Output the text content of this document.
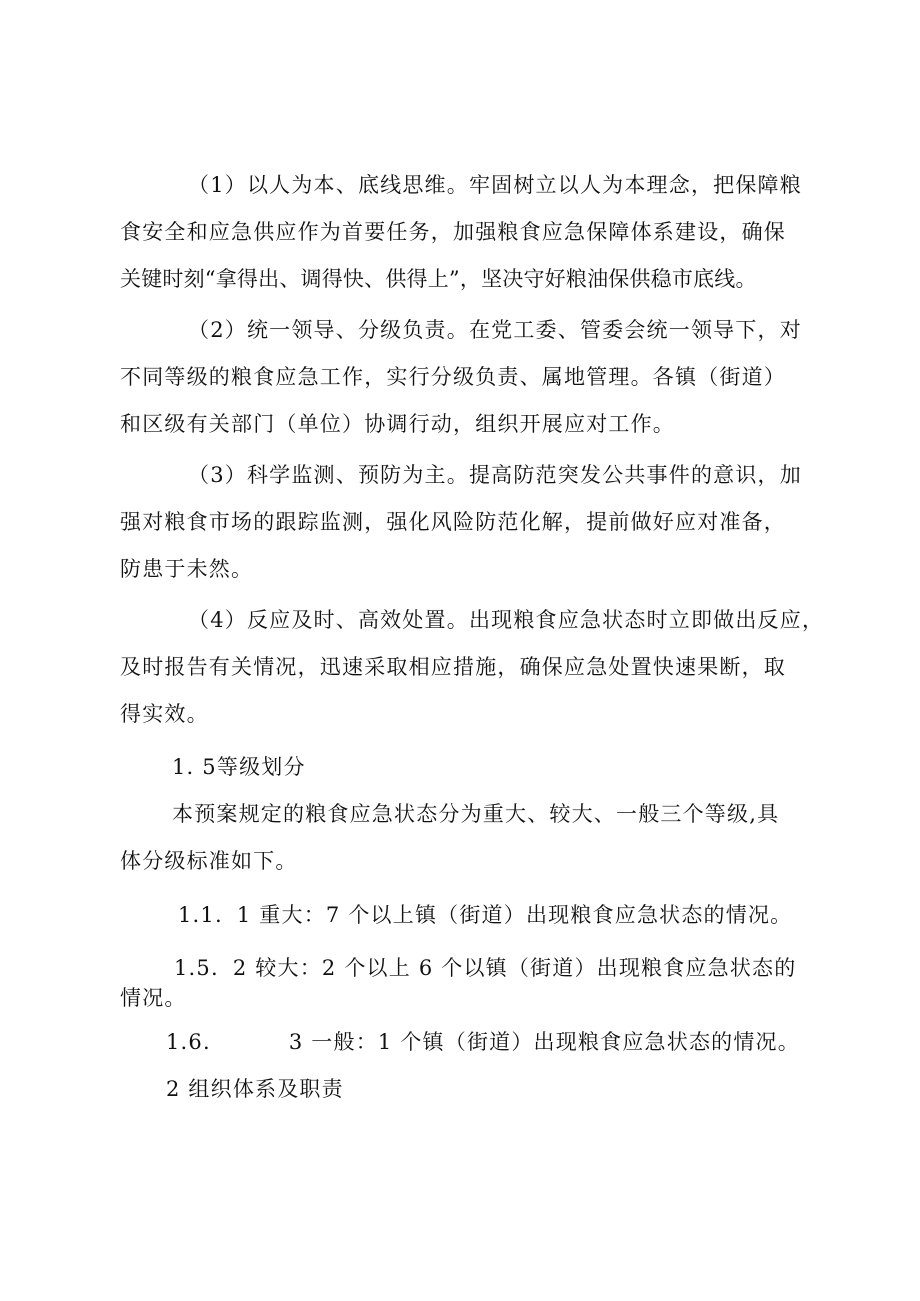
（1）以人为本、底线思维。牢固树立以人为本理念，把保障粮
食安全和应急供应作为首要任务，加强粮食应急保障体系建设，确保
关键时刻“拿得出、调得快、供得上”，坚决守好粮油保供稳市底线。
（2）统一领导、分级负责。在党工委、管委会统一领导下，对
不同等级的粮食应急工作，实行分级负责、属地管理。各镇（街道）
和区级有关部门（单位）协调行动，组织开展应对工作。
（3）科学监测、预防为主。提高防范突发公共事件的意识，加
强对粮食市场的跟踪监测，强化风险防范化解，提前做好应对准备，
防患于未然。
（4）反应及时、高效处置。出现粮食应急状态时立即做出反应，
及时报告有关情况，迅速采取相应措施，确保应急处置快速果断，取
得实效。
1. 5等级划分
本预案规定的粮食应急状态分为重大、较大、一般三个等级,具
体分级标准如下。
1.1. 1 重大：7 个以上镇（街道）出现粮食应急状态的情况。
1.5. 2 较大：2 个以上 6 个以镇（街道）出现粮食应急状态的
情况。
1.6.	3 一般：1 个镇（街道）出现粮食应急状态的情况。
2 组织体系及职责
